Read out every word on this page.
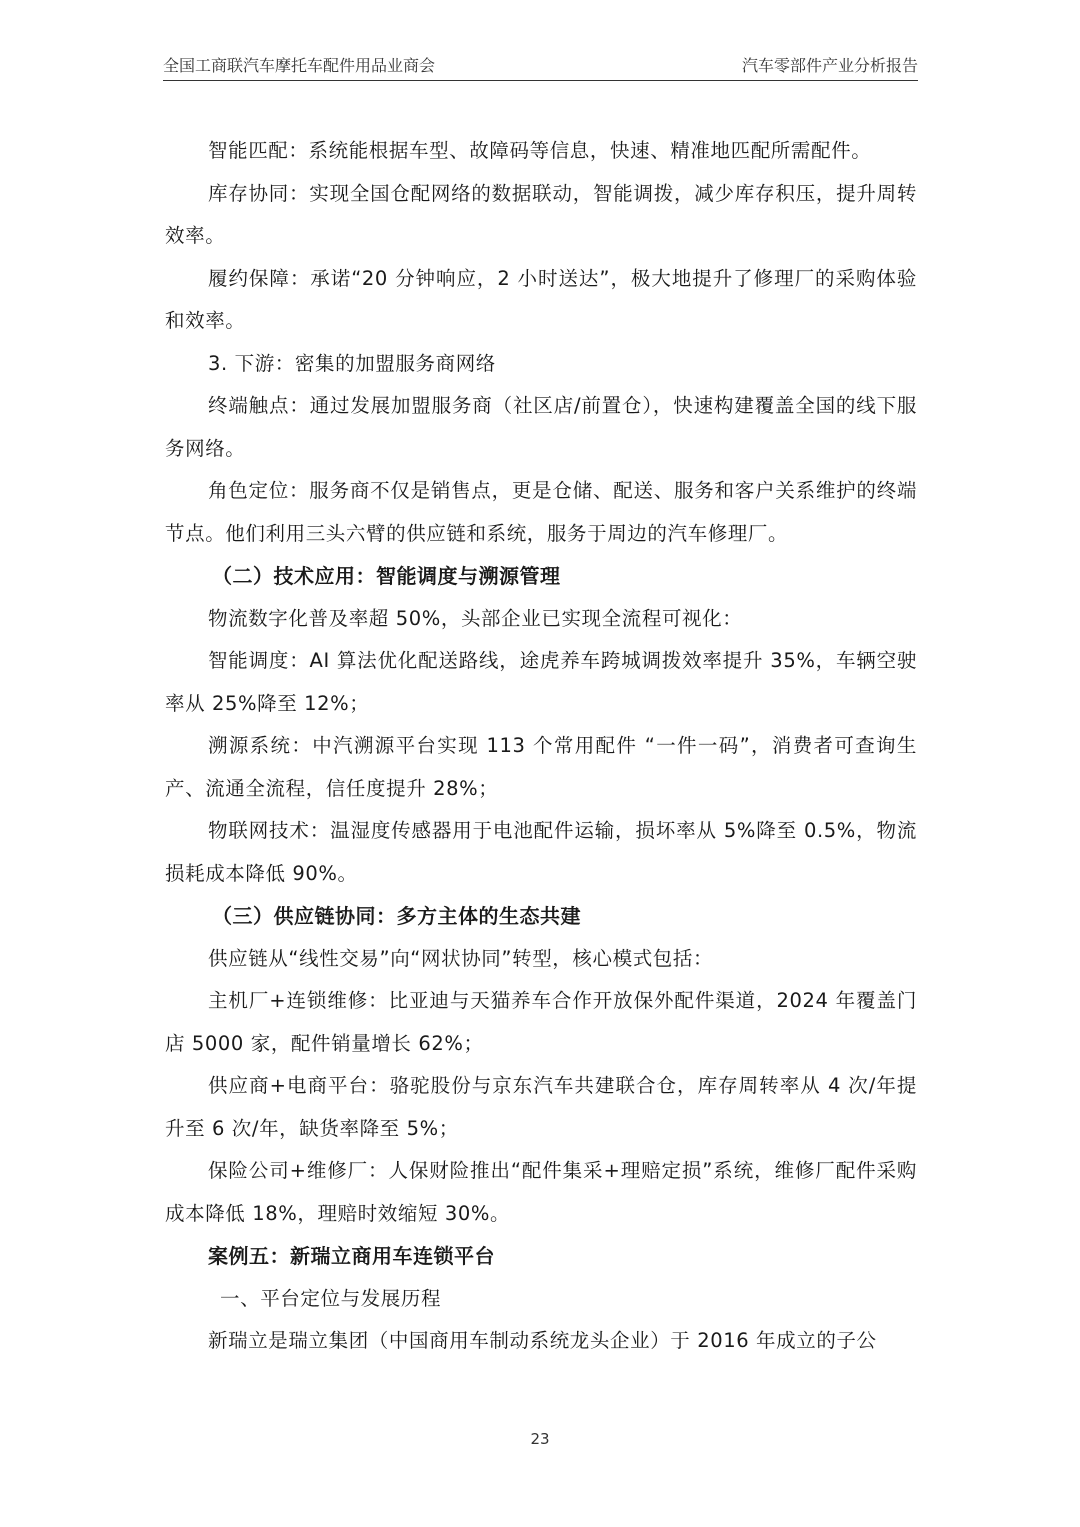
全国工商联汽车摩托车配件用品业商会	汽车零部件产业分析报告

智能匹配：系统能根据车型、故障码等信息，快速、精准地匹配所需配件。

库存协同：实现全国仓配网络的数据联动，智能调拨，减少库存积压，提升周转效率。

履约保障：承诺“20 分钟响应，2 小时送达”，极大地提升了修理厂的采购体验和效率。

3. 下游：密集的加盟服务商网络

终端触点：通过发展加盟服务商（社区店/前置仓），快速构建覆盖全国的线下服务网络。

角色定位：服务商不仅是销售点，更是仓储、配送、服务和客户关系维护的终端节点。他们利用三头六臂的供应链和系统，服务于周边的汽车修理厂。

（二）技术应用：智能调度与溯源管理

物流数字化普及率超 50%，头部企业已实现全流程可视化：

智能调度：AI 算法优化配送路线，途虎养车跨城调拨效率提升 35%，车辆空驶率从 25%降至 12%；

溯源系统：中汽溯源平台实现 113 个常用配件 “一件一码”，消费者可查询生产、流通全流程，信任度提升 28%；

物联网技术：温湿度传感器用于电池配件运输，损坏率从 5%降至 0.5%，物流损耗成本降低 90%。

（三）供应链协同：多方主体的生态共建

供应链从“线性交易”向“网状协同”转型，核心模式包括：

主机厂+连锁维修：比亚迪与天猫养车合作开放保外配件渠道，2024 年覆盖门店 5000 家，配件销量增长 62%；

供应商+电商平台：骆驼股份与京东汽车共建联合仓，库存周转率从 4 次/年提升至 6 次/年，缺货率降至 5%；

保险公司+维修厂：人保财险推出“配件集采+理赔定损”系统，维修厂配件采购成本降低 18%，理赔时效缩短 30%。

案例五：新瑞立商用车连锁平台

一、平台定位与发展历程

新瑞立是瑞立集团（中国商用车制动系统龙头企业）于 2016 年成立的子公

23
